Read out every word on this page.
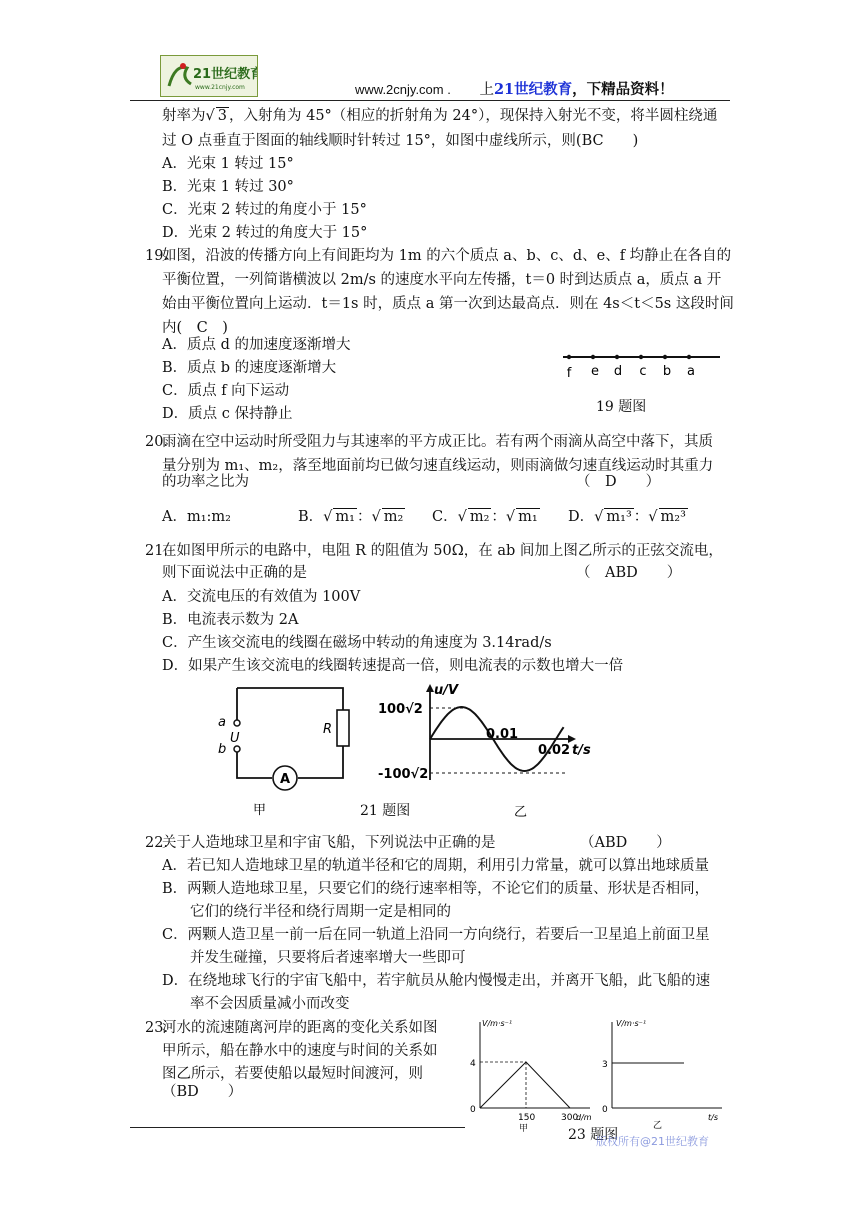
21世纪教育
www.21cnjy.com	www.2cnjy.com . 上21世纪教育，下精品资料！
射率为√ 3 ，入射角为 45°（相应的折射角为 24°），现保持入射光不变，将半圆柱绕通
过 O 点垂直于图面的轴线顺时针转过 15°，如图中虚线所示，则(BC　　)
A．光束 1 转过 15°
B．光束 1 转过 30°
C．光束 2 转过的角度小于 15°
D．光束 2 转过的角度大于 15°
19.
如图，沿波的传播方向上有间距均为 1m 的六个质点 a、b、c、d、e、f 均静止在各自的
平衡位置，一列简谐横波以 2m/s 的速度水平向左传播，t＝0 时到达质点 a，质点 a 开
始由平衡位置向上运动．t＝1s 时，质点 a 第一次到达最高点．则在 4s＜t＜5s 这段时间
内(　C　)
A．质点 d 的加速度逐渐增大
B．质点 b 的速度逐渐增大
C．质点 f 向下运动
D．质点 c 保持静止
f e d c b a
19 题图
20.
雨滴在空中运动时所受阻力与其速率的平方成正比。若有两个雨滴从高空中落下，其质
量分别为 m₁、m₂，落至地面前均已做匀速直线运动，则雨滴做匀速直线运动时其重力
的功率之比为	（　D　　）
A．m₁:m₂	B．√ m₁ ：√ m₂ C．√ m₂ ：√ m₁ D．√ m₁³ ：√ m₂³
21.
在如图甲所示的电路中，电阻 R 的阻值为 50Ω，在 ab 间加上图乙所示的正弦交流电，
则下面说法中正确的是	（　ABD　　）
A．交流电压的有效值为 100V
B．电流表示数为 2A
C．产生该交流电的线圈在磁场中转动的角速度为 3.14rad/s
D．如果产生该交流电的线圈转速提高一倍，则电流表的示数也增大一倍
A
a
U
b
R
甲
u/V
100√2
-100√2
0.01
0.02 t/s
乙
21 题图
22.
关于人造地球卫星和宇宙飞船，下列说法中正确的是	（ABD　　）
A．若已知人造地球卫星的轨道半径和它的周期，利用引力常量，就可以算出地球质量
B．两颗人造地球卫星，只要它们的绕行速率相等，不论它们的质量、形状是否相同，
它们的绕行半径和绕行周期一定是相同的
C．两颗人造卫星一前一后在同一轨道上沿同一方向绕行，若要后一卫星追上前面卫星
并发生碰撞，只要将后者速率增大一些即可
D．在绕地球飞行的宇宙飞船中，若宇航员从舱内慢慢走出，并离开飞船，此飞船的速
率不会因质量减小而改变
23.
河水的流速随离河岸的距离的变化关系如图
甲所示，船在静水中的速度与时间的关系如
图乙所示，若要使船以最短时间渡河，则
（BD　　）
V/m·s⁻¹
4
0
150	300
d/m
甲
V/m·s⁻¹
3
0
t/s
乙
23 题图
版权所有@21世纪教育
